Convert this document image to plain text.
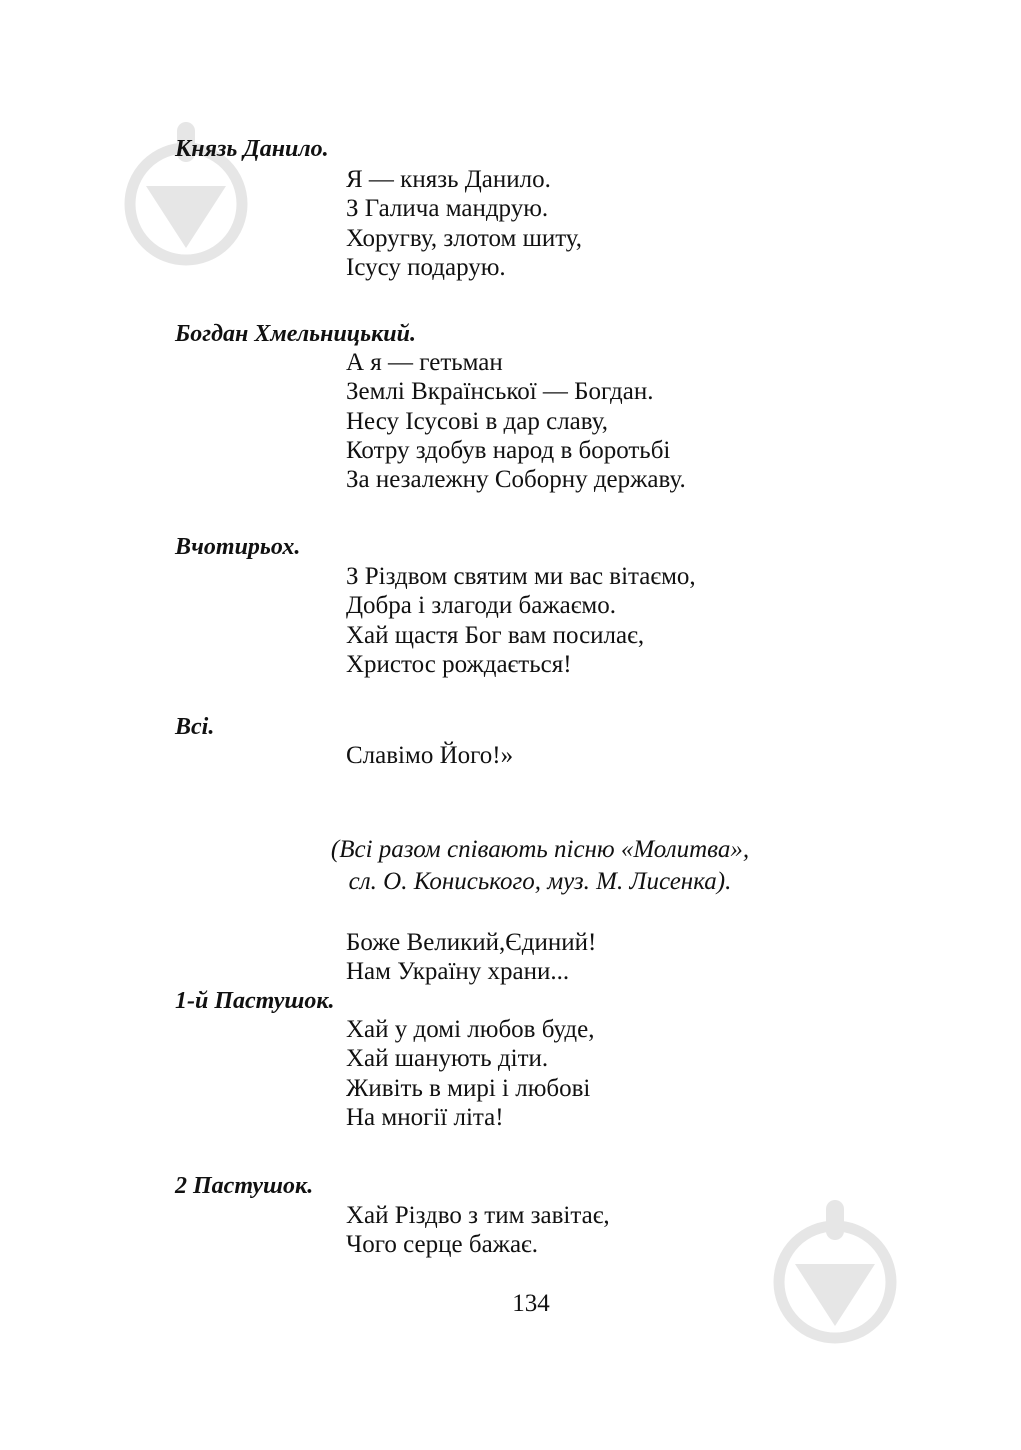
Князь Данило.
Я — князь Данило.
З Галича мандрую.
Хоругву, злотом шиту,
Ісусу подарую.
Богдан Хмельницький.
А я — гетьман
Землі Вкраїнської — Богдан.
Несу Ісусові в дар славу,
Котру здобув народ в боротьбі
За незалежну Соборну державу.
Вчотирьох.
З Різдвом святим ми вас вітаємо,
Добра і злагоди бажаємо.
Хай щастя Бог вам посилає,
Христос рождається!
Всі.
Славімо Його!»
(Всі разом співають пісню «Молитва»,
сл. О. Кониського, муз. М. Лисенка).
Боже Великий,Єдиний!
Нам Україну храни...
1-й Пастушок.
Хай у домі любов буде,
Хай шанують діти.
Живіть в мирі і любові
На многії літа!
2 Пастушок.
Хай Різдво з тим завітає,
Чого серце бажає.
134
